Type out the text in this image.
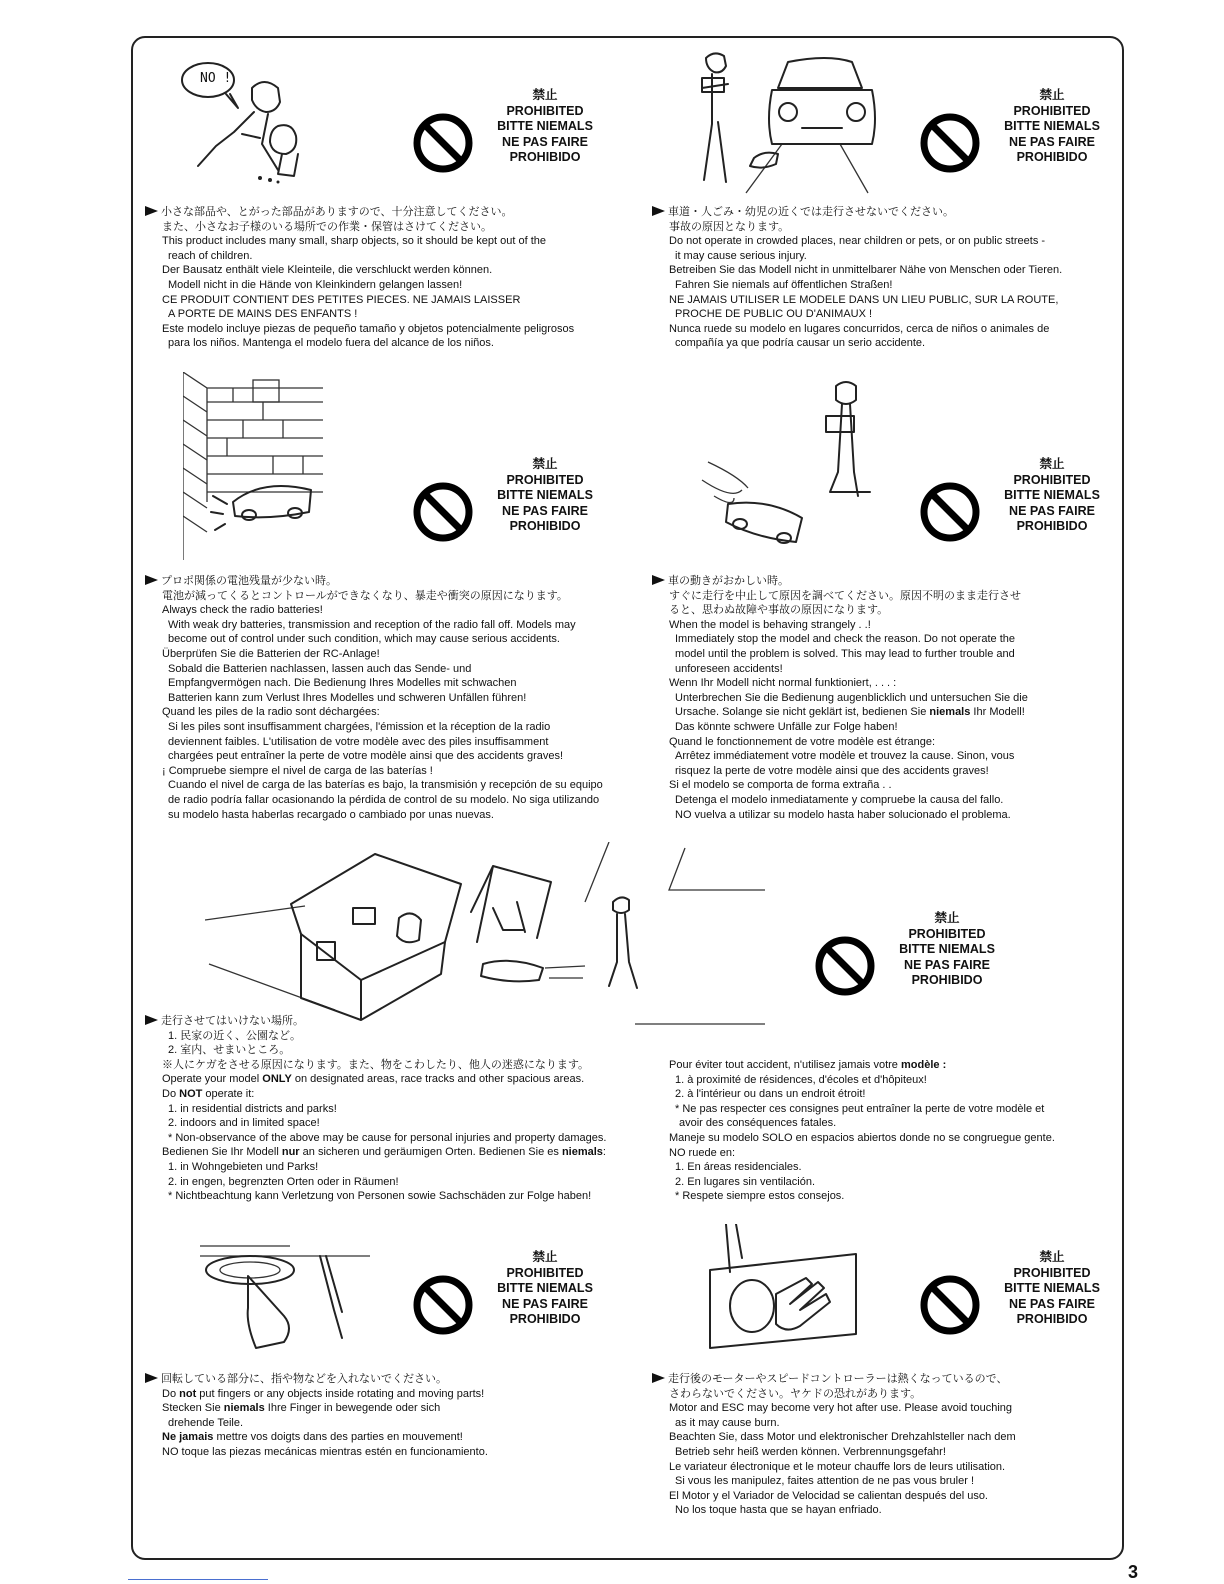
NO !
禁止
PROHIBITED
BITTE NIEMALS
NE PAS FAIRE
PROHIBIDO
禁止
PROHIBITED
BITTE NIEMALS
NE PAS FAIRE
PROHIBIDO
禁止
PROHIBITED
BITTE NIEMALS
NE PAS FAIRE
PROHIBIDO
禁止
PROHIBITED
BITTE NIEMALS
NE PAS FAIRE
PROHIBIDO
禁止
PROHIBITED
BITTE NIEMALS
NE PAS FAIRE
PROHIBIDO
禁止
PROHIBITED
BITTE NIEMALS
NE PAS FAIRE
PROHIBIDO
禁止
PROHIBITED
BITTE NIEMALS
NE PAS FAIRE
PROHIBIDO

小さな部品や、とがった部品がありますので、十分注意してください。

また、小さなお子様のいる場所での作業・保管はさけてください。

This product includes many small, sharp objects, so it should be kept out of the

reach of children.

Der Bausatz enthält viele Kleinteile, die verschluckt werden können.

Modell nicht in die Hände von Kleinkindern gelangen lassen!

CE PRODUIT CONTIENT DES PETITES PIECES. NE JAMAIS LAISSER

A PORTE DE MAINS DES ENFANTS !

Este modelo incluye piezas de pequeño tamaño y objetos potencialmente peligrosos

para los niños. Mantenga el modelo fuera del alcance de los niños.

車道・人ごみ・幼児の近くでは走行させないでください。

事故の原因となります。

Do not operate in crowded places, near children or pets, or on public streets -

it may cause serious injury.

Betreiben Sie das Modell nicht in unmittelbarer Nähe von Menschen oder Tieren.

Fahren Sie niemals auf öffentlichen Straßen!

NE JAMAIS UTILISER LE MODELE DANS UN LIEU PUBLIC, SUR LA ROUTE,

PROCHE DE PUBLIC OU D'ANIMAUX !

Nunca ruede su modelo en lugares concurridos, cerca de niños o animales de

compañía ya que podría causar un serio accidente.

プロポ関係の電池残量が少ない時。

電池が減ってくるとコントロールができなくなり、暴走や衝突の原因になります。

Always check the radio batteries!

With weak dry batteries, transmission and reception of the radio fall off. Models may

become out of control under such condition, which may cause serious accidents.

Überprüfen Sie die Batterien der RC-Anlage!

Sobald die Batterien nachlassen, lassen auch das Sende- und

Empfangvermögen nach. Die Bedienung Ihres Modelles mit schwachen

Batterien kann zum Verlust Ihres Modelles und schweren Unfällen führen!

Quand les piles de la radio sont déchargées:

Si les piles sont insuffisamment chargées, l'émission et la réception de la radio

deviennent faibles. L'utilisation de votre modèle avec des piles insuffisamment

chargées peut entraîner la perte de votre modèle ainsi que des accidents graves!

¡ Compruebe siempre el nivel de carga de las baterías !

Cuando el nivel de carga de las baterías es bajo, la transmisión y recepción de su equipo

de radio podría fallar ocasionando la pérdida de control de su modelo. No siga utilizando

su modelo hasta haberlas recargado o cambiado por unas nuevas.

車の動きがおかしい時。

すぐに走行を中止して原因を調べてください。原因不明のまま走行させ

ると、思わぬ故障や事故の原因になります。

When the model is behaving strangely . .!

Immediately stop the model and check the reason. Do not operate the

model until the problem is solved. This may lead to further trouble and

unforeseen accidents!

Wenn Ihr Modell nicht normal funktioniert, . . . :

Unterbrechen Sie die Bedienung augenblicklich und untersuchen Sie die

Ursache. Solange sie nicht geklärt ist, bedienen Sie niemals Ihr Modell!

Das könnte schwere Unfälle zur Folge haben!

Quand le fonctionnement de votre modèle est étrange:

Arrêtez immédiatement votre modèle et trouvez la cause. Sinon, vous

risquez la perte de votre modèle ainsi que des accidents graves!

Si el modelo se comporta de forma extraña . .

Detenga el modelo inmediatamente y compruebe la causa del fallo.

NO vuelva a utilizar su modelo hasta haber solucionado el problema.

走行させてはいけない場所。

1. 民家の近く、公園など。

2. 室内、せまいところ。

※人にケガをさせる原因になります。また、物をこわしたり、他人の迷惑になります。

Operate your model ONLY on designated areas, race tracks and other spacious areas.

Do NOT operate it:

1. in residential districts and parks!

2. indoors and in limited space!

* Non-observance of the above may be cause for personal injuries and property damages.

Bedienen Sie Ihr Modell nur an sicheren und geräumigen Orten. Bedienen Sie es niemals:

1. in Wohngebieten und Parks!

2. in engen, begrenzten Orten oder in Räumen!

* Nichtbeachtung kann Verletzung von Personen sowie Sachschäden zur Folge haben!

Pour éviter tout accident, n'utilisez jamais votre modèle :

1. à proximité de résidences, d'écoles et d'hôpiteux!

2. à l'intérieur ou dans un endroit étroit!

* Ne pas respecter ces consignes peut entraîner la perte de votre modèle et

avoir des conséquences fatales.

Maneje su modelo SOLO en espacios abiertos donde no se congruegue gente.

NO ruede en:

1. En áreas residenciales.

2. En lugares sin ventilación.

* Respete siempre estos consejos.

回転している部分に、指や物などを入れないでください。

Do not put fingers or any objects inside rotating and moving parts!

Stecken Sie niemals Ihre Finger in bewegende oder sich

drehende Teile.

Ne jamais mettre vos doigts dans des parties en mouvement!

NO toque las piezas mecánicas mientras estén en funcionamiento.

走行後のモーターやスピードコントローラーは熱くなっているので、

さわらないでください。ヤケドの恐れがあります。

Motor and ESC may become very hot after use. Please avoid touching

as it may cause burn.

Beachten Sie, dass Motor und elektronischer Drehzahlsteller nach dem

Betrieb sehr heiß werden können. Verbrennungsgefahr!

Le variateur électronique et le moteur chauffe lors de leurs utilisation.

Si vous les manipulez, faites attention de ne pas vous bruler !

El Motor y el Variador de Velocidad se calientan después del uso.

No los toque hasta que se hayan enfriado.

3
